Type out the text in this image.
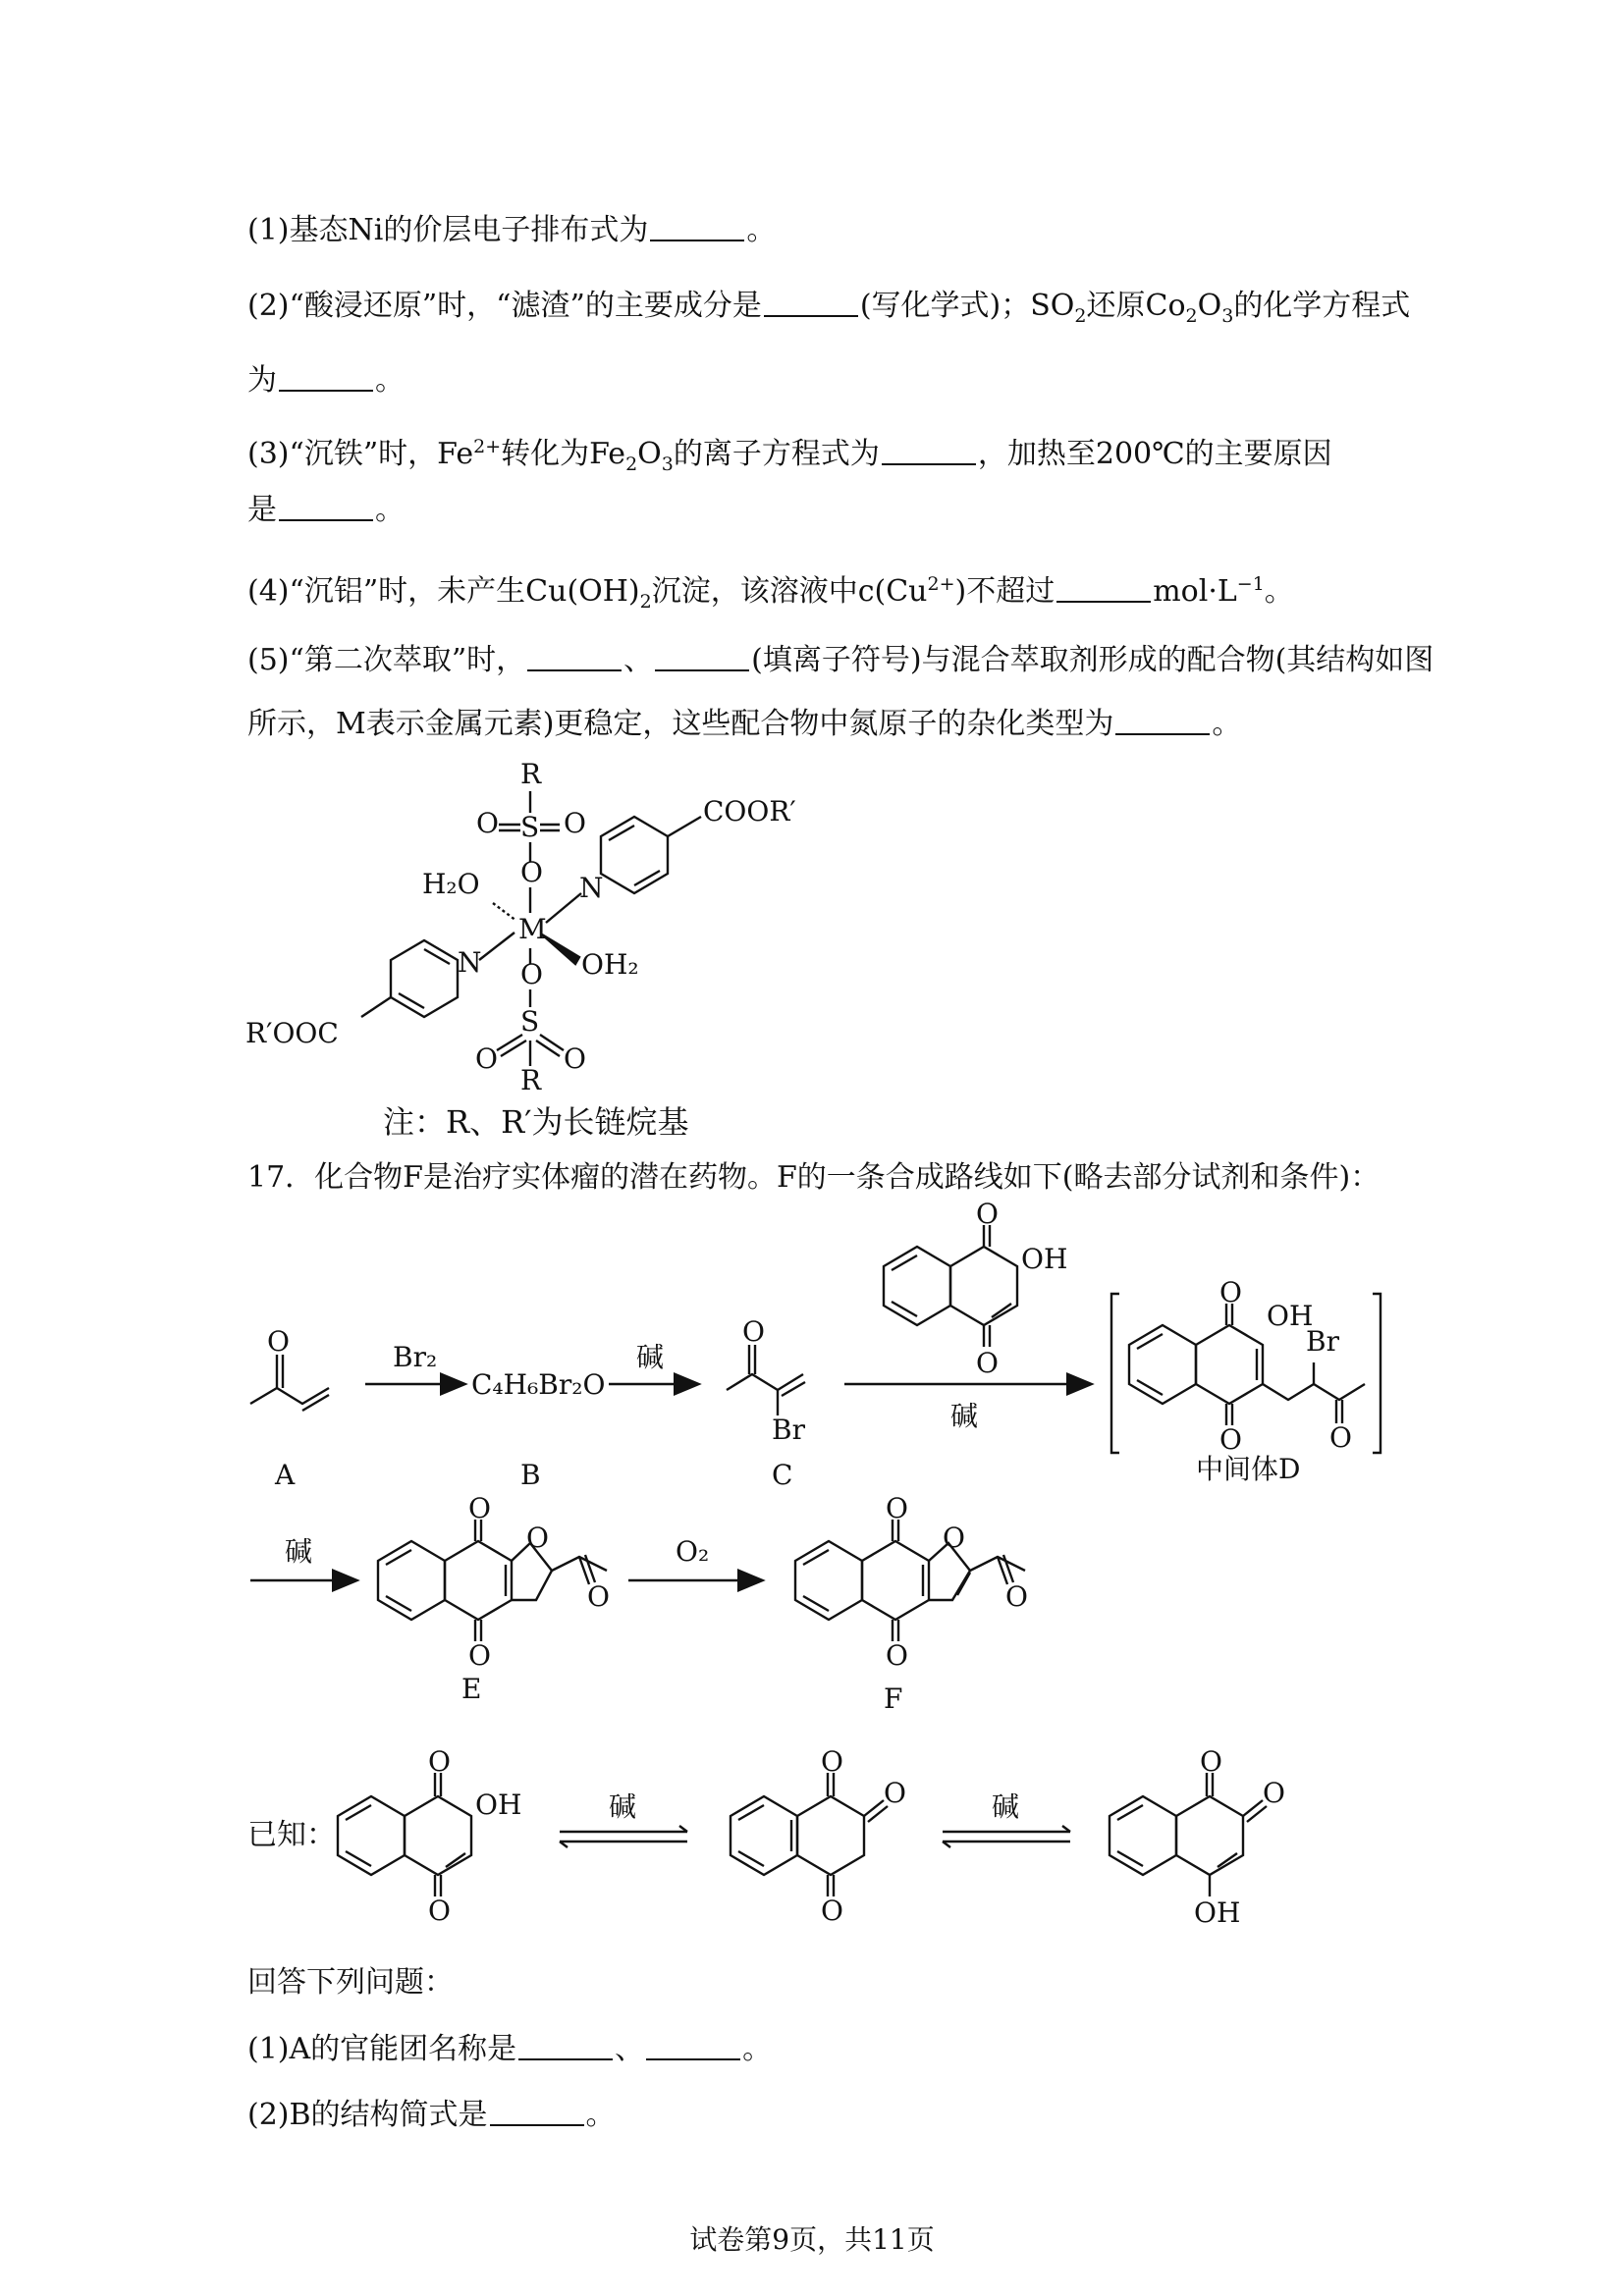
(1)基态Ni的价层电子排布式为	。
(2)“酸浸还原”时，“滤渣”的主要成分是	(写化学式)；$SO_2$还原$Co_2O_3$的化学方程式
为	。
(3)“沉铁”时，$Fe^{2+}$转化为$Fe_2O_3$的离子方程式为	，加热至200℃的主要原因
是	。
(4)“沉铝”时，未产生$Cu(OH)_2$沉淀，该溶液中$c(Cu^{2+})$不超过	$mol\cdot L^{-1}$。
(5)“第二次萃取”时，	、	(填离子符号)与混合萃取剂形成的配合物(其结构如图
所示，M表示金属元素)更稳定，这些配合物中氮原子的杂化类型为	。
R
O S O
O
M
H₂O
OH₂
N
COOR′
N
R′OOC
O
S
O O
R
注：R、R′为长链烷基
17．化合物F是治疗实体瘤的潜在药物。F的一条合成路线如下(略去部分试剂和条件)：
O	Br₂
C₄H₆Br₂O
碱
O
Br	碱
O
O
OH
O
O
OH
Br
O
A	B	C	中间体D
碱
O
O
O
O
O₂
O
O
O
O
E	F
已知：
O
O
OH	碱
O
O
O	碱
O
O
OH
回答下列问题：
(1)A的官能团名称是	、	。
(2)B的结构简式是	。
试卷第9页，共11页
